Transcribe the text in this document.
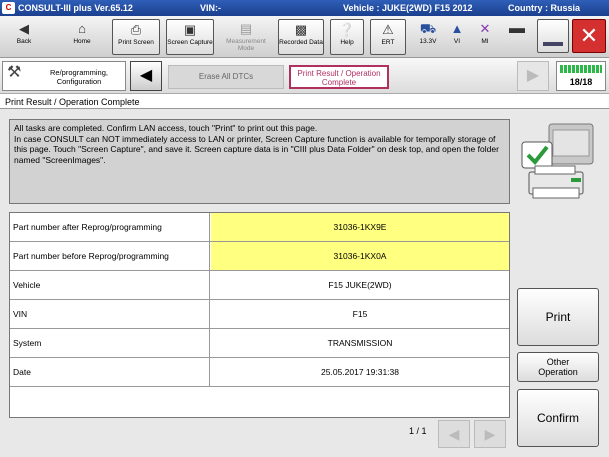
C CONSULT-III plus Ver.65.12	VIN:-	Vehicle : JUKE(2WD) F15 2012	Country : Russia
◀
Back
⌂
Home
⎙
Print Screen
▣
Screen Capture
▤
Measurement Mode
▩
Recorded Data
❔
Help
⚠
ERT
⛟
13.3V
▲
VI
✕
MI
▬	✕
⚒	Re/programming, Configuration	◀	Erase All DTCs	Print Result / Operation Complete	▶	18/18
Print Result / Operation Complete
All tasks are completed. Confirm LAN access, touch "Print" to print out this page.
In case CONSULT can NOT immediately access to LAN or printer, Screen Capture function is available for temporally storage of this page. Touch "Screen Capture", and save it. Screen capture data is in "CIII plus Data Folder" on desk top, and open the folder named "ScreenImages".
Part number after Reprog/programming	31036-1KX9E
Part number before Reprog/programming	31036-1KX0A
Vehicle	F15 JUKE(2WD)
VIN	F15
System	TRANSMISSION
Date	25.05.2017 19:31:38
1 / 1	◀	▶
Print
Other Operation
Confirm
